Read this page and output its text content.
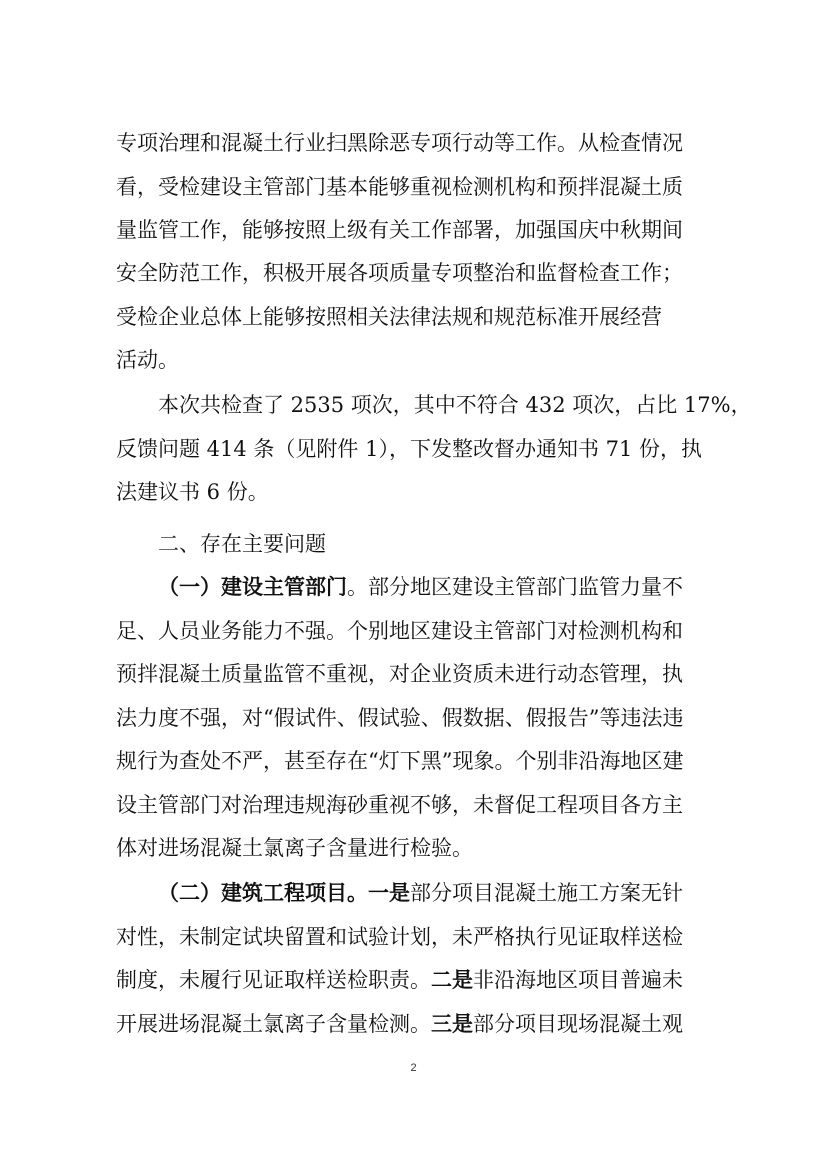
专项治理和混凝土行业扫黑除恶专项行动等工作。从检查情况
看，受检建设主管部门基本能够重视检测机构和预拌混凝土质
量监管工作，能够按照上级有关工作部署，加强国庆中秋期间
安全防范工作，积极开展各项质量专项整治和监督检查工作；
受检企业总体上能够按照相关法律法规和规范标准开展经营
活动。
本次共检查了 2535 项次，其中不符合 432 项次，占比 17%，
反馈问题 414 条（见附件 1），下发整改督办通知书 71 份，执
法建议书 6 份。
二、存在主要问题
（一）建设主管部门。部分地区建设主管部门监管力量不
足、人员业务能力不强。个别地区建设主管部门对检测机构和
预拌混凝土质量监管不重视，对企业资质未进行动态管理，执
法力度不强，对“假试件、假试验、假数据、假报告”等违法违
规行为查处不严，甚至存在“灯下黑”现象。个别非沿海地区建
设主管部门对治理违规海砂重视不够，未督促工程项目各方主
体对进场混凝土氯离子含量进行检验。
（二）建筑工程项目。一是部分项目混凝土施工方案无针
对性，未制定试块留置和试验计划，未严格执行见证取样送检
制度，未履行见证取样送检职责。二是非沿海地区项目普遍未
开展进场混凝土氯离子含量检测。三是部分项目现场混凝土观
2
